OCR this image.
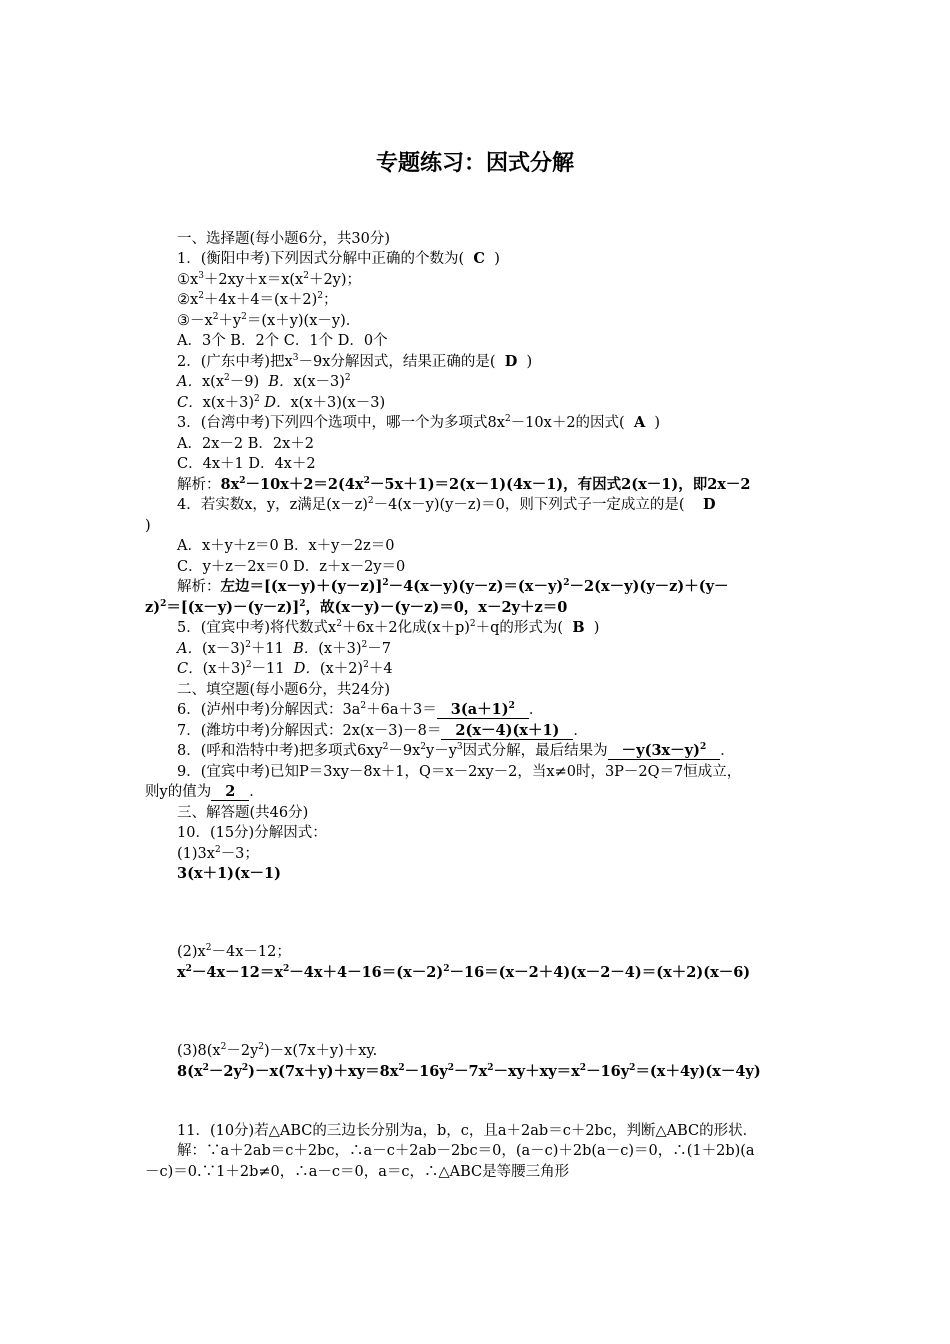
专题练习：因式分解
一、选择题(每小题6分，共30分)
1．(衡阳中考)下列因式分解中正确的个数为( C )
$①x^3+2xy+x=x(x^2+2y)$；
$②x^2+4x+4=(x+2)^2$；
$③-x^2+y^2=(x+y)(x-y)$．
A．3个 B．2个 C．1个 D．0个
2．(广东中考)把$x^3-9x$分解因式，结果正确的是( D )
A．$x(x^2-9)$  B．$x(x-3)^2$
C．$x(x+3)^2$ D．x(x＋3)(x－3)
3．(台湾中考)下列四个选项中，哪一个为多项式$8x^2-10x+2$的因式( A )
A．2x－2 B．2x＋2
C．4x＋1 D．4x＋2
解析：$8x^2-10x+2=2(4x^2-5x+1)=2(x-1)(4x-1)$，有因式2(x－1)，即2x－2
4．若实数x，y，z满足$(x-z)^2-4(x-y)(y-z)=0$，则下列式子一定成立的是( D
)
A．x＋y＋z＝0 B．x＋y－2z＝0
C．y＋z－2x＝0 D．z＋x－2y＝0
解析：左边$=[(x-y)+(y-z)]^2-4(x-y)(y-z)=(x-y)^2-2(x-y)(y-z)+(y-$
$z)^2=[(x-y)-(y-z)]^2$，故(x－y)－(y－z)＝0，x－2y＋z＝0
5．(宜宾中考)将代数式$x^2+6x+2$化成$(x+p)^2+q$的形式为( B )
A．$(x-3)^2+11$  B．$(x+3)^2-7$
C．$(x+3)^2-11$  D．$(x+2)^2+4$
二、填空题(每小题6分，共24分)
6．(泸州中考)分解因式：$3a^2+6a+3= 3(a+1)^2$ ．
7．(潍坊中考)分解因式：2x(x－3)－8＝ 2(x－4)(x＋1) ．
8．(呼和浩特中考)把多项式$6xy^2-9x^2y-y^3$因式分解，最后结果为 $-y(3x-y)^2$ ．
9．(宜宾中考)已知P＝3xy－8x＋1，Q＝x－2xy－2，当x≠0时，3P－2Q＝7恒成立，
则y的值为 2 ．
三、解答题(共46分)
10．(15分)分解因式：
$(1)3x^2-3$；
3(x＋1)(x－1)
$(2)x^2-4x-12$；
$x^2-4x-12=x^2-4x+4-16=(x-2)^2-16=(x-2+4)(x-2-4)=(x+2)(x-6)$
$(3)8(x^2-2y^2)-x(7x+y)+xy$.
$8(x^2-2y^2)-x(7x+y)+xy=8x^2-16y^2-7x^2-xy+xy=x^2-16y^2=(x+4y)(x-4y)$
11．(10分)若△ABC的三边长分别为a，b，c，且a＋2ab＝c＋2bc，判断△ABC的形状．
解：∵a＋2ab＝c＋2bc，∴a－c＋2ab－2bc＝0，(a－c)＋2b(a－c)＝0，∴(1＋2b)(a
－c)＝0.∵1＋2b≠0，∴a－c＝0，a＝c，∴△ABC是等腰三角形
